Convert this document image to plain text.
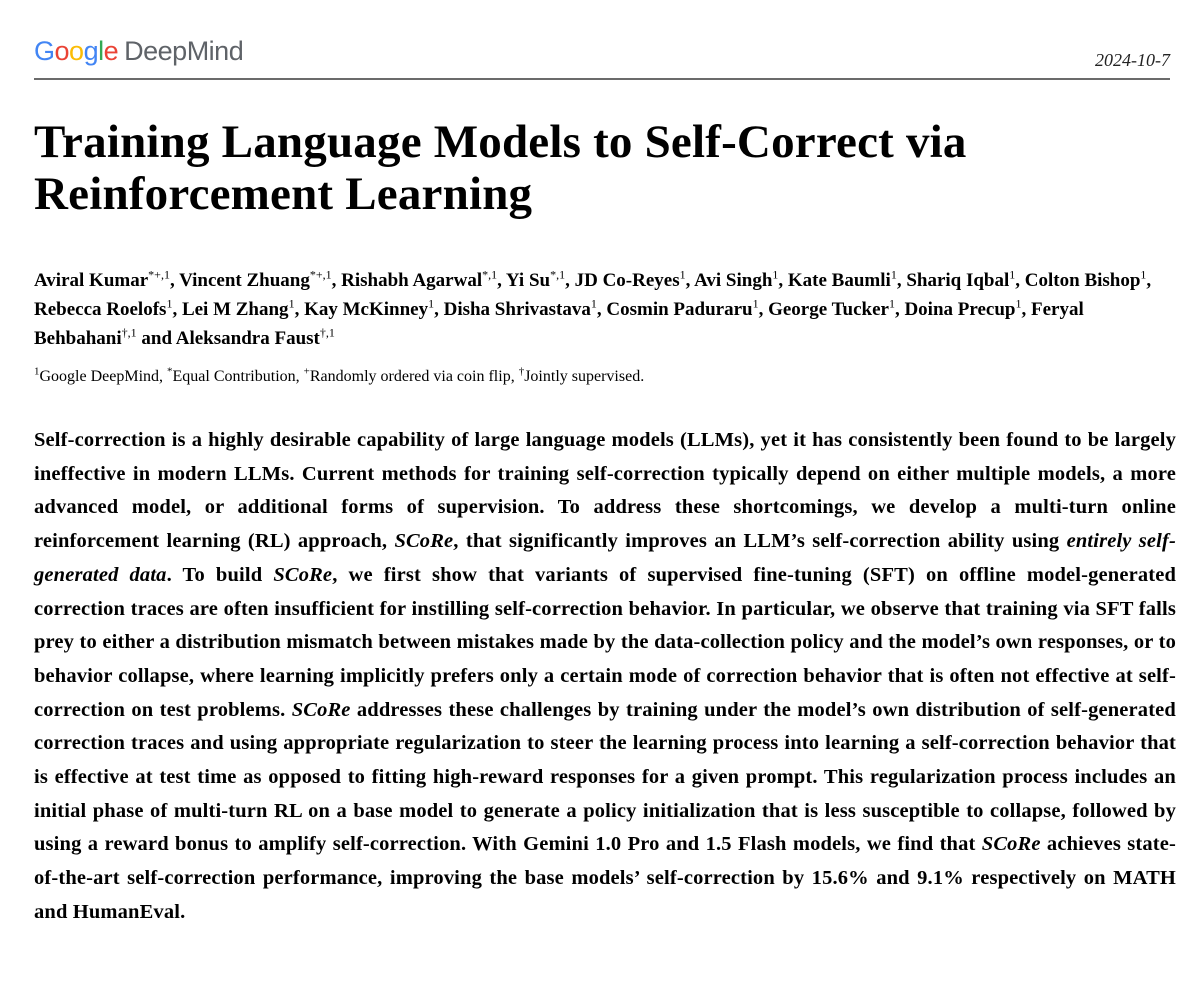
Google DeepMind	2024-10-7
Training Language Models to Self-Correct via Reinforcement Learning

Aviral Kumar$^{*+,1}$, Vincent Zhuang$^{*+,1}$, Rishabh Agarwal$^{*,1}$, Yi $Su^{*,1}$, JD Co-Reyes$^1$, Avi Singh$^1$, Kate Baumli$^1$, Shariq Iqbal$^1$, Colton Bishop$^1$, Rebecca Roelofs$^1$, Lei M Zhang$^1$, Kay McKinney$^1$, Disha Shrivastava$^1$, Cosmin Paduraru$^1$, George Tucker$^1$, Doina Precup$^1$, Feryal Behbahani$^{\dagger,1}$ and Aleksandra Faust$^{\dagger,1}$

$^1$Google DeepMind, *Equal Contribution, +Randomly ordered via coin flip, †Jointly supervised.

Self-correction is a highly desirable capability of large language models (LLMs), yet it has consistently been found to be largely ineffective in modern LLMs. Current methods for training self-correction typically depend on either multiple models, a more advanced model, or additional forms of supervision. To address these shortcomings, we develop a multi-turn online reinforcement learning (RL) approach, SCoRe, that significantly improves an LLM’s self-correction ability using entirely self-generated data. To build SCoRe, we first show that variants of supervised fine-tuning (SFT) on offline model-generated correction traces are often insufficient for instilling self-correction behavior. In particular, we observe that training via SFT falls prey to either a distribution mismatch between mistakes made by the data-collection policy and the model’s own responses, or to behavior collapse, where learning implicitly prefers only a certain mode of correction behavior that is often not effective at self-correction on test problems. SCoRe addresses these challenges by training under the model’s own distribution of self-generated correction traces and using appropriate regularization to steer the learning process into learning a self-correction behavior that is effective at test time as opposed to fitting high-reward responses for a given prompt. This regularization process includes an initial phase of multi-turn RL on a base model to generate a policy initialization that is less susceptible to collapse, followed by using a reward bonus to amplify self-correction. With Gemini 1.0 Pro and 1.5 Flash models, we find that SCoRe achieves state-of-the-art self-correction performance, improving the base models’ self-correction by 15.6% and 9.1% respectively on MATH and HumanEval.
